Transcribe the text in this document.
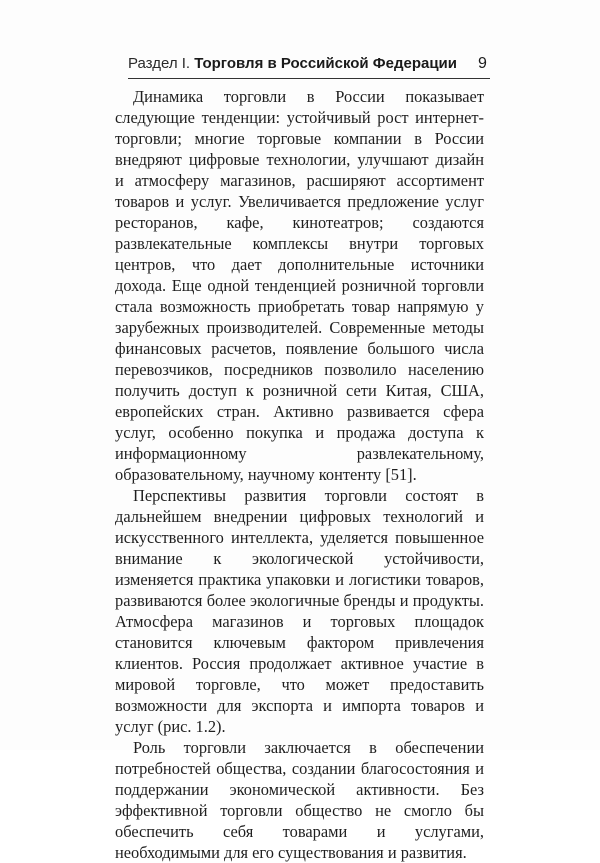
Раздел I. Торговля в Российской Федерации	9

Динамика торговли в России показывает следующие тенденции: устойчивый рост интернет-торговли; многие торговые компании в России внедряют цифровые технологии, улучшают дизайн и атмосферу магазинов, расширяют ассортимент товаров и услуг. Увеличивается предложение услуг ресторанов, кафе, кинотеатров; создаются развлекательные комплексы внутри торговых центров, что дает дополнительные источники дохода. Еще одной тенденцией розничной торговли стала возможность приобретать товар напрямую у зарубежных производителей. Современные методы финансовых расчетов, появление большого числа перевозчиков, посредников позволило населению получить доступ к розничной сети Китая, США, европейских стран. Активно развивается сфера услуг, особенно покупка и продажа доступа к информационному развлекательному, образовательному, научному контенту [51].

Перспективы развития торговли состоят в дальнейшем внедрении цифровых технологий и искусственного интеллекта, уделяется повышенное внимание к экологической устойчивости, изменяется практика упаковки и логистики товаров, развиваются более экологичные бренды и продукты. Атмосфера магазинов и торговых площадок становится ключевым фактором привлечения клиентов. Россия продолжает активное участие в мировой торговле, что может предоставить возможности для экспорта и импорта товаров и услуг (рис. 1.2).

Роль торговли заключается в обеспечении потребностей общества, создании благосостояния и поддержании экономической активности. Без эффективной торговли общество не смогло бы обеспечить себя товарами и услугами, необходимыми для его существования и развития.
